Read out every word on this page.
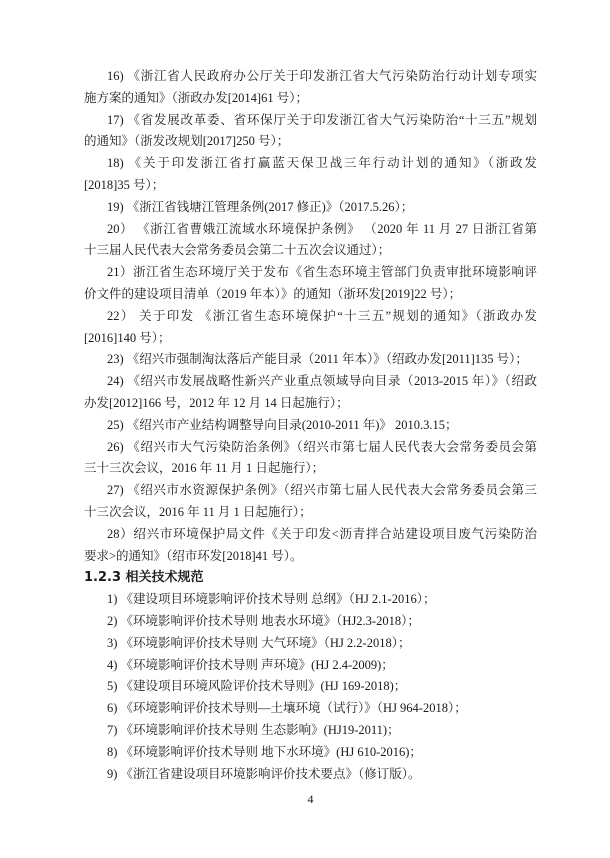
16) 《浙江省人民政府办公厅关于印发浙江省大气污染防治行动计划专项实
施方案的通知》（浙政办发[2014]61 号）；
17) 《省发展改革委、省环保厅关于印发浙江省大气污染防治“十三五”规划
的通知》（浙发改规划[2017]250 号）；
18) 《关于印发浙江省打赢蓝天保卫战三年行动计划的通知》（浙政发
[2018]35 号）；
19) 《浙江省钱塘江管理条例(2017 修正)》（2017.5.26）；
20） 《浙江省曹娥江流域水环境保护条例》 （2020 年 11 月 27 日浙江省第
十三届人民代表大会常务委员会第二十五次会议通过）；
21）浙江省生态环境厅关于发布《省生态环境主管部门负责审批环境影响评
价文件的建设项目清单（2019 年本）》的通知（浙环发[2019]22 号）；
22） 关于印发 《浙江省生态环境保护“十三五”规划的通知》（浙政办发
[2016]140 号）；
23) 《绍兴市强制淘汰落后产能目录（2011 年本）》（绍政办发[2011]135 号）；
24) 《绍兴市发展战略性新兴产业重点领域导向目录（2013-2015 年）》（绍政
办发[2012]166 号，2012 年 12 月 14 日起施行）；
25) 《绍兴市产业结构调整导向目录(2010-2011 年)》 2010.3.15；
26) 《绍兴市大气污染防治条例》（绍兴市第七届人民代表大会常务委员会第
三十三次会议，2016 年 11 月 1 日起施行）；
27) 《绍兴市水资源保护条例》（绍兴市第七届人民代表大会常务委员会第三
十三次会议，2016 年 11 月 1 日起施行）；
28）绍兴市环境保护局文件《关于印发<沥青拌合站建设项目废气污染防治
要求>的通知》（绍市环发[2018]41 号）。
1.2.3 相关技术规范
1) 《建设项目环境影响评价技术导则 总纲》（HJ 2.1-2016）；
2) 《环境影响评价技术导则 地表水环境》（HJ2.3-2018）；
3) 《环境影响评价技术导则 大气环境》（HJ 2.2-2018）；
4) 《环境影响评价技术导则 声环境》(HJ 2.4-2009)；
5) 《建设项目环境风险评价技术导则》(HJ 169-2018)；
6) 《环境影响评价技术导则—土壤环境（试行）》（HJ 964-2018）；
7) 《环境影响评价技术导则 生态影响》(HJ19-2011)；
8) 《环境影响评价技术导则 地下水环境》(HJ 610-2016)；
9) 《浙江省建设项目环境影响评价技术要点》（修订版）。
4
